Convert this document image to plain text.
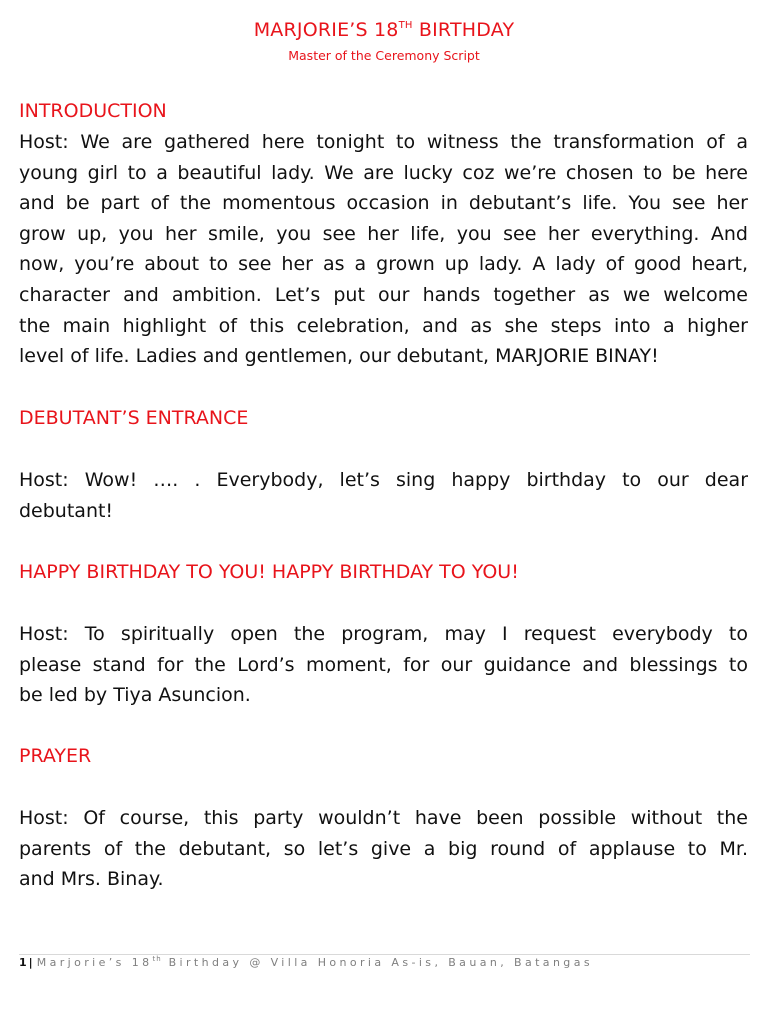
MARJORIE’S 18TH BIRTHDAY
Master of the Ceremony Script
INTRODUCTION
Host: We are gathered here tonight to witness the transformation of a
young girl to a beautiful lady. We are lucky coz we’re chosen to be here
and be part of the momentous occasion in debutant’s life. You see her
grow up, you her smile, you see her life, you see her everything. And
now, you’re about to see her as a grown up lady. A lady of good heart,
character and ambition. Let’s put our hands together as we welcome
the main highlight of this celebration, and as she steps into a higher
level of life. Ladies and gentlemen, our debutant, MARJORIE BINAY!
DEBUTANT’S ENTRANCE
Host: Wow! …. . Everybody, let’s sing happy birthday to our dear
debutant!
HAPPY BIRTHDAY TO YOU! HAPPY BIRTHDAY TO YOU!
Host: To spiritually open the program, may I request everybody to
please stand for the Lord’s moment, for our guidance and blessings to
be led by Tiya Asuncion.
PRAYER
Host: Of course, this party wouldn’t have been possible without the
parents of the debutant, so let’s give a big round of applause to Mr.
and Mrs. Binay.
1 | Marjorie’s 18th Birthday @ Villa Honoria As-is, Bauan, Batangas
